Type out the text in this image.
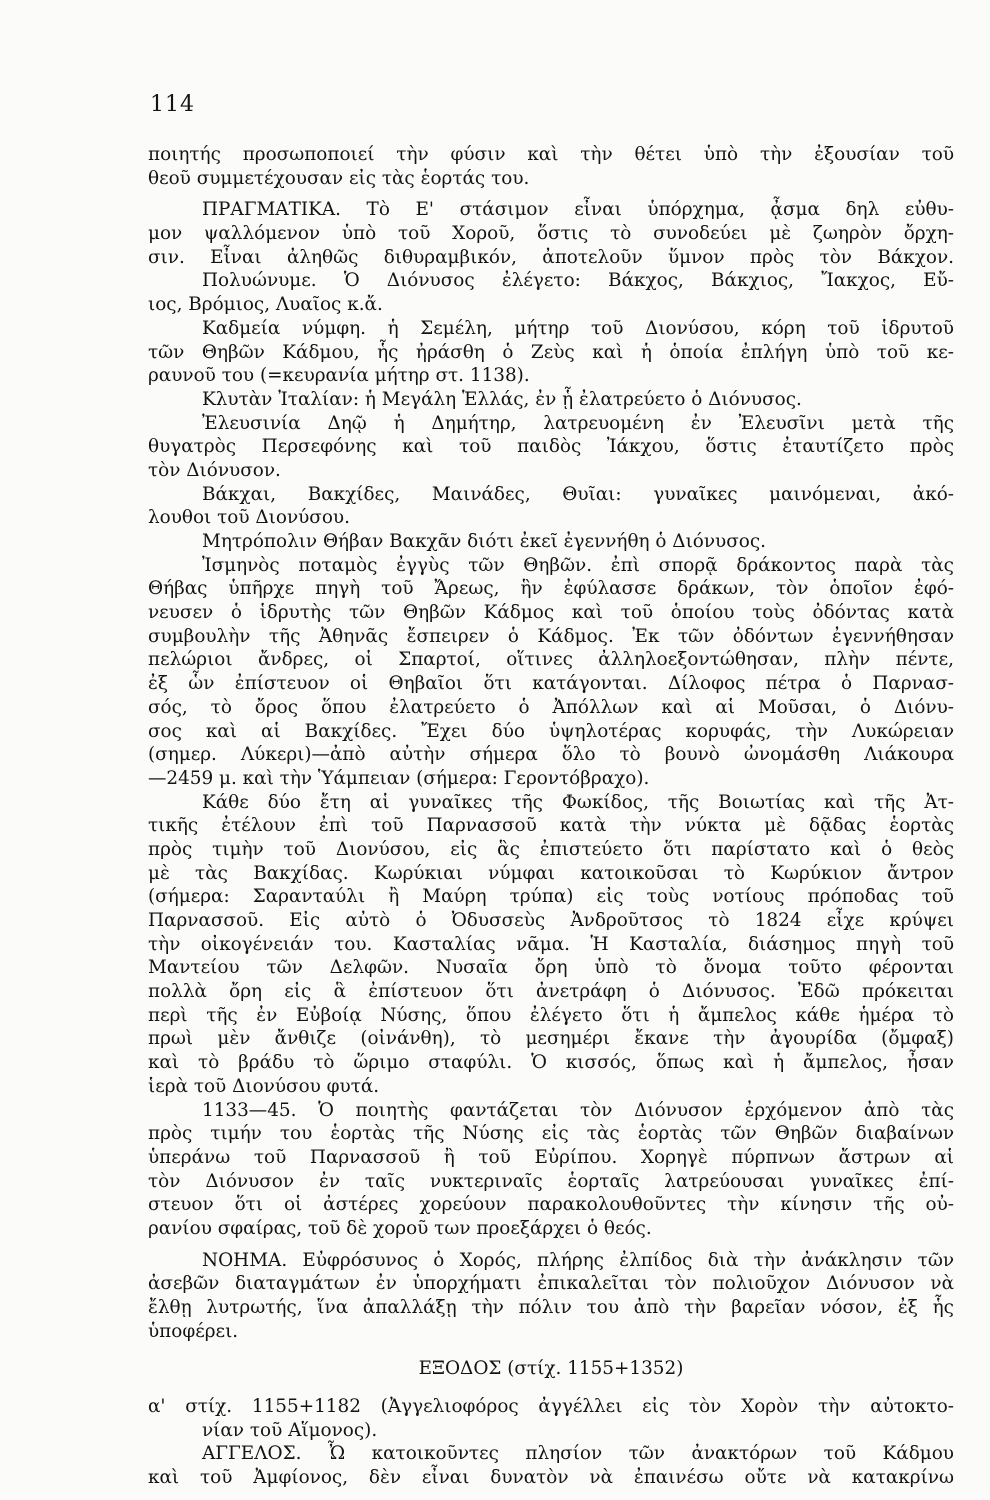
114
ποιητής προσωποποιεί τὴν φύσιν καὶ τὴν θέτει ὑπὸ τὴν ἐξουσίαν τοῦ
θεοῦ συμμετέχουσαν εἰς τὰς ἑορτάς του.
ΠΡΑΓΜΑΤΙΚΑ. Τὸ Ε' στάσιμον εἶναι ὑπόρχημα, ᾆσμα δηλ εὐθυ-
μον ψαλλόμενον ὑπὸ τοῦ Χοροῦ, ὅστις τὸ συνοδεύει μὲ ζωηρὸν ὄρχη-
σιν. Εἶναι ἀληθῶς διθυραμβικόν, ἀποτελοῦν ὕμνον πρὸς τὸν Βάκχον.
Πολυώνυμε. Ὁ Διόνυσος ἐλέγετο: Βάκχος, Βάκχιος, Ἴακχος, Εὔ-
ιος, Βρόμιος, Λυαῖος κ.ἄ.
Καδμεία νύμφη. ἡ Σεμέλη, μήτηρ τοῦ Διονύσου, κόρη τοῦ ἱδρυτοῦ
τῶν Θηβῶν Κάδμου, ἧς ἠράσθη ὁ Ζεὺς καὶ ἡ ὁποία ἐπλήγη ὑπὸ τοῦ κε-
ραυνοῦ του (=κευρανία μήτηρ στ. 1138).
Κλυτὰν Ἰταλίαν: ἡ Μεγάλη Ἑλλάς, ἐν ᾗ ἐλατρεύετο ὁ Διόνυσος.
Ἐλευσινία Δηῷ ἡ Δημήτηρ, λατρευομένη ἐν Ἐλευσῖνι μετὰ τῆς
θυγατρὸς Περσεφόνης καὶ τοῦ παιδὸς Ἰάκχου, ὅστις ἐταυτίζετο πρὸς
τὸν Διόνυσον.
Βάκχαι, Βακχίδες, Μαινάδες, Θυῖαι: γυναῖκες μαινόμεναι, ἀκό-
λουθοι τοῦ Διονύσου.
Μητρόπολιν Θήβαν Βακχᾶν διότι ἐκεῖ ἐγεννήθη ὁ Διόνυσος.
Ἰσμηνὸς ποταμὸς ἐγγὺς τῶν Θηβῶν. ἐπὶ σπορᾷ δράκοντος παρὰ τὰς
Θήβας ὑπῆρχε πηγὴ τοῦ Ἄρεως, ἣν ἐφύλασσε δράκων, τὸν ὁποῖον ἐφό-
νευσεν ὁ ἱδρυτὴς τῶν Θηβῶν Κάδμος καὶ τοῦ ὁποίου τοὺς ὀδόντας κατὰ
συμβουλὴν τῆς Ἀθηνᾶς ἔσπειρεν ὁ Κάδμος. Ἐκ τῶν ὀδόντων ἐγεννήθησαν
πελώριοι ἄνδρες, οἱ Σπαρτοί, οἵτινες ἀλληλοεξοντώθησαν, πλὴν πέντε,
ἐξ ὧν ἐπίστευον οἱ Θηβαῖοι ὅτι κατάγονται. Δίλοφος πέτρα ὁ Παρνασ-
σός, τὸ ὄρος ὅπου ἐλατρεύετο ὁ Ἀπόλλων καὶ αἱ Μοῦσαι, ὁ Διόνυ-
σος καὶ αἱ Βακχίδες. Ἔχει δύο ὑψηλοτέρας κορυφάς, τὴν Λυκώρειαν
(σημερ. Λύκερι)—ἀπὸ αὐτὴν σήμερα ὅλο τὸ βουνὸ ὠνομάσθη Λιάκουρα
—2459 μ. καὶ τὴν Ὑάμπειαν (σήμερα: Γεροντόβραχο).
Κάθε δύο ἔτη αἱ γυναῖκες τῆς Φωκίδος, τῆς Βοιωτίας καὶ τῆς Ἀτ-
τικῆς ἐτέλουν ἐπὶ τοῦ Παρνασσοῦ κατὰ τὴν νύκτα μὲ δᾷδας ἑορτὰς
πρὸς τιμὴν τοῦ Διονύσου, εἰς ἃς ἐπιστεύετο ὅτι παρίστατο καὶ ὁ θεὸς
μὲ τὰς Βακχίδας. Κωρύκιαι νύμφαι κατοικοῦσαι τὸ Κωρύκιον ἄντρον
(σήμερα: Σαρανταύλι ἢ Μαύρη τρύπα) εἰς τοὺς νοτίους πρόποδας τοῦ
Παρνασσοῦ. Εἰς αὐτὸ ὁ Ὀδυσσεὺς Ἀνδροῦτσος τὸ 1824 εἶχε κρύψει
τὴν οἰκογένειάν του. Κασταλίας νᾶμα. Ἡ Κασταλία, διάσημος πηγὴ τοῦ
Μαντείου τῶν Δελφῶν. Νυσαῖα ὄρη ὑπὸ τὸ ὄνομα τοῦτο φέρονται
πολλὰ ὄρη εἰς ἃ ἐπίστευον ὅτι ἀνετράφη ὁ Διόνυσος. Ἐδῶ πρόκειται
περὶ τῆς ἐν Εὐβοίᾳ Νύσης, ὅπου ἐλέγετο ὅτι ἡ ἄμπελος κάθε ἡμέρα τὸ
πρωὶ μὲν ἄνθιζε (οἰνάνθη), τὸ μεσημέρι ἔκανε τὴν ἀγουρίδα (ὄμφαξ)
καὶ τὸ βράδυ τὸ ὥριμο σταφύλι. Ὁ κισσός, ὅπως καὶ ἡ ἄμπελος, ἦσαν
ἱερὰ τοῦ Διονύσου φυτά.
1133—45. Ὁ ποιητὴς φαντάζεται τὸν Διόνυσον ἐρχόμενον ἀπὸ τὰς
πρὸς τιμήν του ἑορτὰς τῆς Νύσης εἰς τὰς ἑορτὰς τῶν Θηβῶν διαβαίνων
ὑπεράνω τοῦ Παρνασσοῦ ἢ τοῦ Εὐρίπου. Χορηγὲ πύρπνων ἄστρων αἱ
τὸν Διόνυσον ἐν ταῖς νυκτεριναῖς ἑορταῖς λατρεύουσαι γυναῖκες ἐπί-
στευον ὅτι οἱ ἀστέρες χορεύουν παρακολουθοῦντες τὴν κίνησιν τῆς οὐ-
ρανίου σφαίρας, τοῦ δὲ χοροῦ των προεξάρχει ὁ θεός.
ΝΟΗΜΑ. Εὐφρόσυνος ὁ Χορός, πλήρης ἐλπίδος διὰ τὴν ἀνάκλησιν τῶν
ἀσεβῶν διαταγμάτων ἐν ὑπορχήματι ἐπικαλεῖται τὸν πολιοῦχον Διόνυσον νὰ
ἔλθῃ λυτρωτής, ἵνα ἀπαλλάξῃ τὴν πόλιν του ἀπὸ τὴν βαρεῖαν νόσον, ἐξ ἧς
ὑποφέρει.
ΕΞΟΔΟΣ (στίχ. 1155+1352)
α' στίχ. 1155+1182 (Ἀγγελιοφόρος ἀγγέλλει εἰς τὸν Χορὸν τὴν αὐτοκτο-
νίαν τοῦ Αἵμονος).
ΑΓΓΕΛΟΣ. Ὦ κατοικοῦντες πλησίον τῶν ἀνακτόρων τοῦ Κάδμου
καὶ τοῦ Ἀμφίονος, δὲν εἶναι δυνατὸν νὰ ἐπαινέσω οὔτε νὰ κατακρίνω
